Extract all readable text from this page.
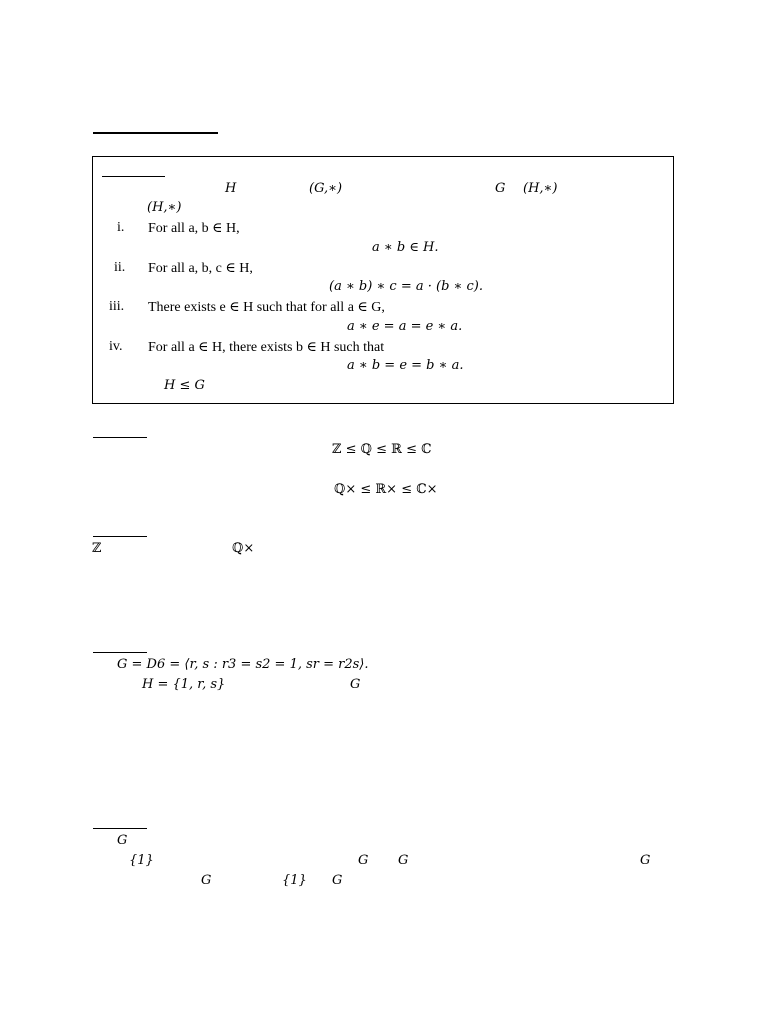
H	(G,∗)	G (H,∗)
(H,∗)
i. For all a, b ∈ H,
a ∗ b ∈ H.
ii. For all a, b, c ∈ H,
(a ∗ b) ∗ c = a · (b ∗ c).
iii. There exists e ∈ H such that for all a ∈ G,
a ∗ e = a = e ∗ a.
iv. For all a ∈ H, there exists b ∈ H such that
a ∗ b = e = b ∗ a.
H ≤ G
ℤ ≤ ℚ ≤ ℝ ≤ ℂ
ℚ× ≤ ℝ× ≤ ℂ×
ℤ	ℚ×
G = D6 = ⟨r, s : r3 = s2 = 1, sr = r2s⟩.
H = {1, r, s}	G
G
{1}	G G	G
G	{1} G
